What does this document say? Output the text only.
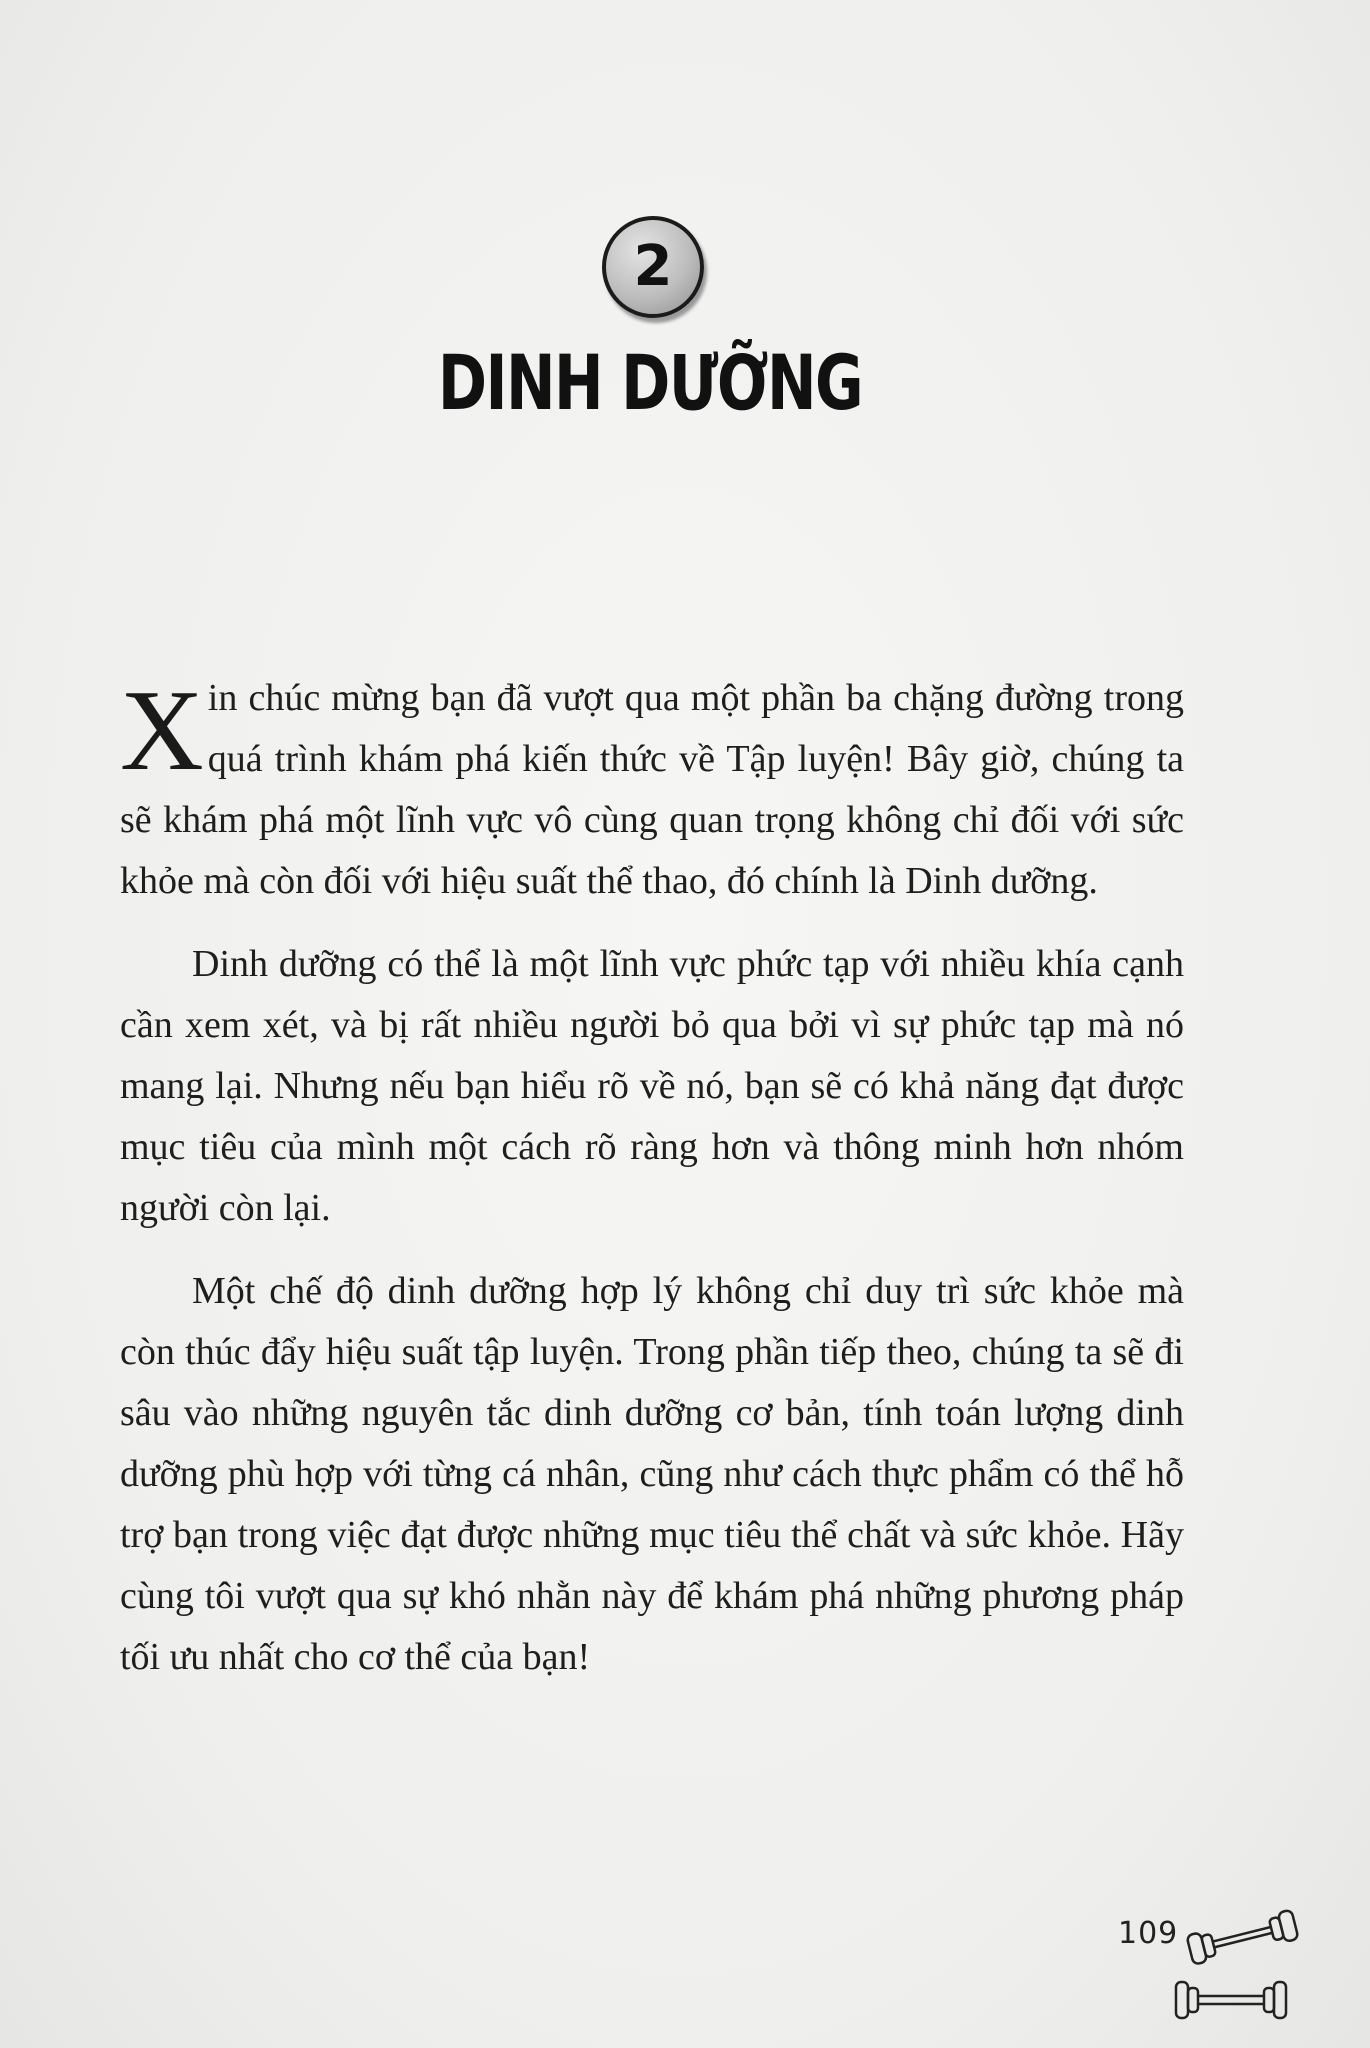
2
DINH DƯỠNG

Xin chúc mừng bạn đã vượt qua một phần ba chặng đường trong quá trình khám phá kiến thức về Tập luyện! Bây giờ, chúng ta sẽ khám phá một lĩnh vực vô cùng quan trọng không chỉ đối với sức khỏe mà còn đối với hiệu suất thể thao, đó chính là Dinh dưỡng.

Dinh dưỡng có thể là một lĩnh vực phức tạp với nhiều khía cạnh cần xem xét, và bị rất nhiều người bỏ qua bởi vì sự phức tạp mà nó mang lại. Nhưng nếu bạn hiểu rõ về nó, bạn sẽ có khả năng đạt được mục tiêu của mình một cách rõ ràng hơn và thông minh hơn nhóm người còn lại.

Một chế độ dinh dưỡng hợp lý không chỉ duy trì sức khỏe mà còn thúc đẩy hiệu suất tập luyện. Trong phần tiếp theo, chúng ta sẽ đi sâu vào những nguyên tắc dinh dưỡng cơ bản, tính toán lượng dinh dưỡng phù hợp với từng cá nhân, cũng như cách thực phẩm có thể hỗ trợ bạn trong việc đạt được những mục tiêu thể chất và sức khỏe. Hãy cùng tôi vượt qua sự khó nhằn này để khám phá những phương pháp tối ưu nhất cho cơ thể của bạn!

109
